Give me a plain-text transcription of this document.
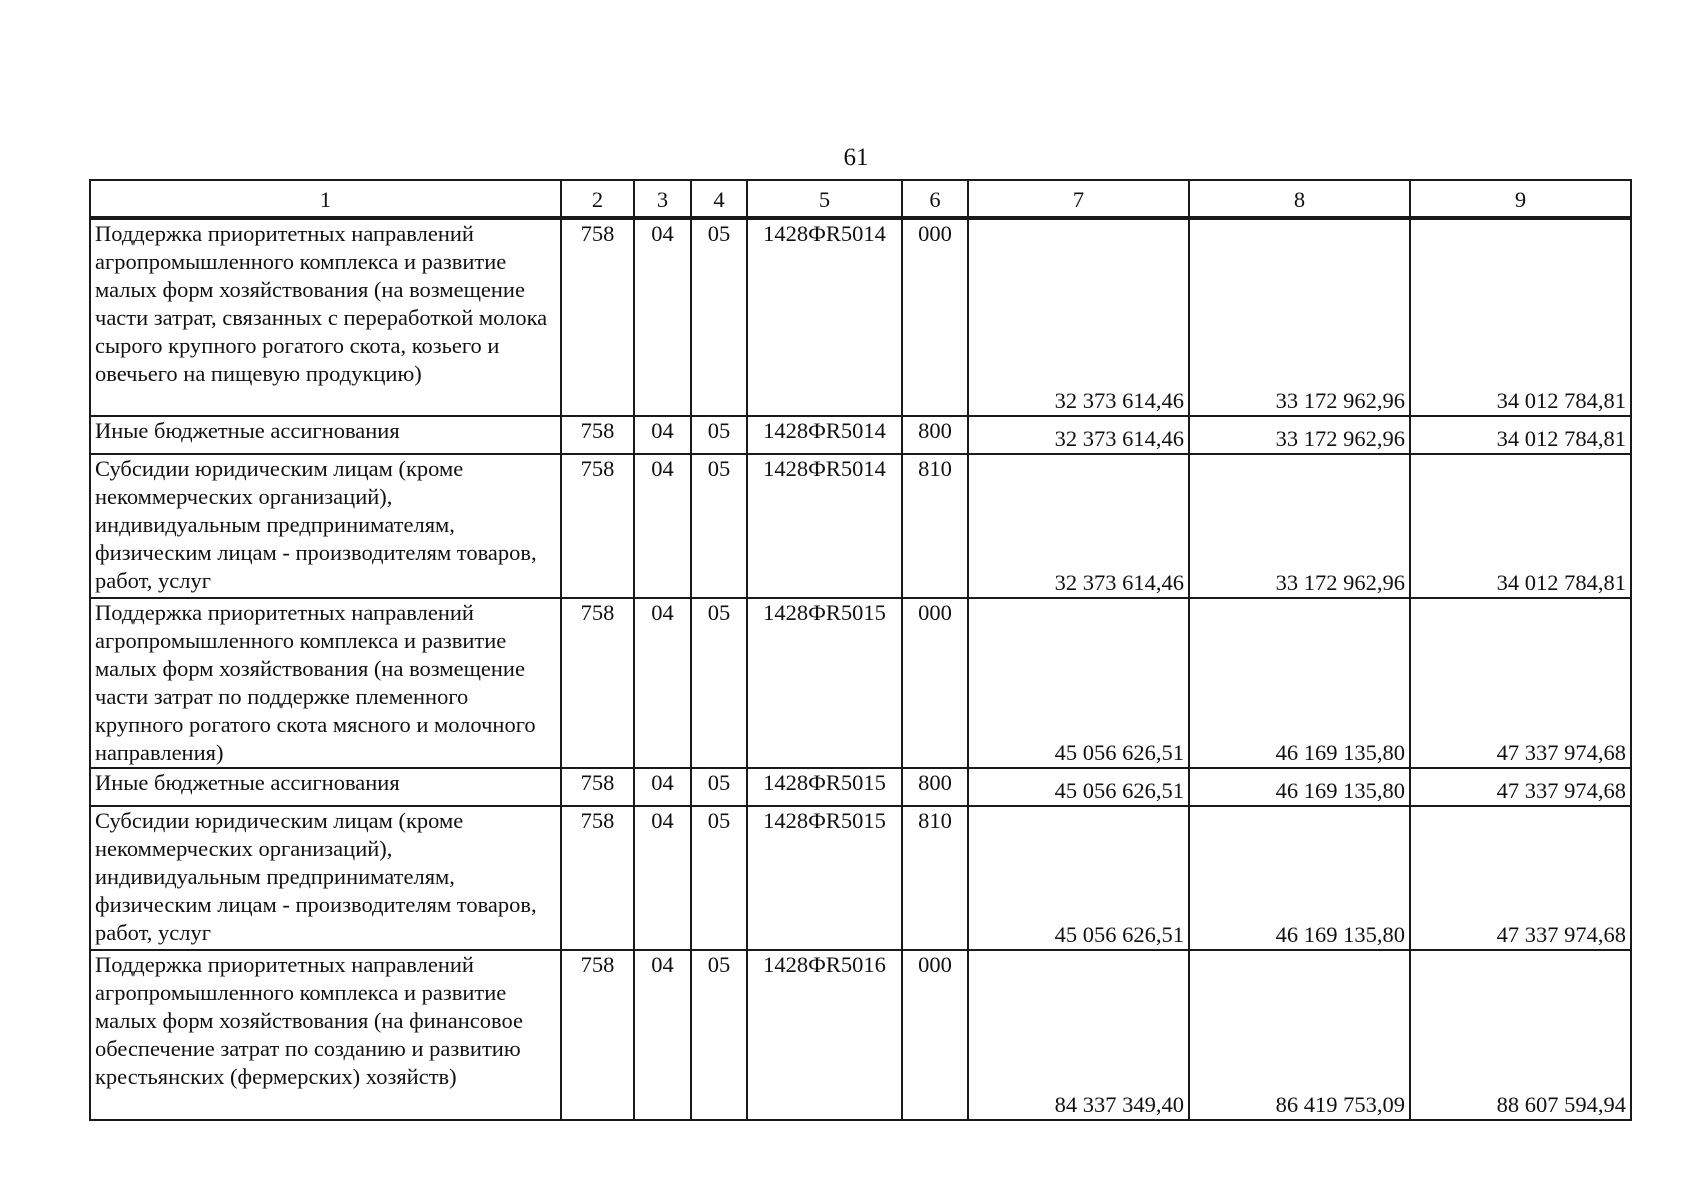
61
1	2	3	4	5	6	7	8	9
Поддержка приоритетных направлений агропромышленного комплекса и развитие малых форм хозяйствования (на возмещение части затрат, связанных с переработкой молока сырого крупного рогатого скота, козьего и овечьего на пищевую продукцию)	758	04	05	1428ФR5014	000	32 373 614,46	33 172 962,96	34 012 784,81
Иные бюджетные ассигнования	758	04	05	1428ФR5014	800	32 373 614,46	33 172 962,96	34 012 784,81
Субсидии юридическим лицам (кроме некоммерческих организаций), индивидуальным предпринимателям, физическим лицам - производителям товаров, работ, услуг	758	04	05	1428ФR5014	810	32 373 614,46	33 172 962,96	34 012 784,81
Поддержка приоритетных направлений агропромышленного комплекса и развитие малых форм хозяйствования (на возмещение части затрат по поддержке племенного крупного рогатого скота мясного и молочного направления)	758	04	05	1428ФR5015	000	45 056 626,51	46 169 135,80	47 337 974,68
Иные бюджетные ассигнования	758	04	05	1428ФR5015	800	45 056 626,51	46 169 135,80	47 337 974,68
Субсидии юридическим лицам (кроме некоммерческих организаций), индивидуальным предпринимателям, физическим лицам - производителям товаров, работ, услуг	758	04	05	1428ФR5015	810	45 056 626,51	46 169 135,80	47 337 974,68
Поддержка приоритетных направлений агропромышленного комплекса и развитие малых форм хозяйствования (на финансовое обеспечение затрат по созданию и развитию крестьянских (фермерских) хозяйств)	758	04	05	1428ФR5016	000	84 337 349,40	86 419 753,09	88 607 594,94
